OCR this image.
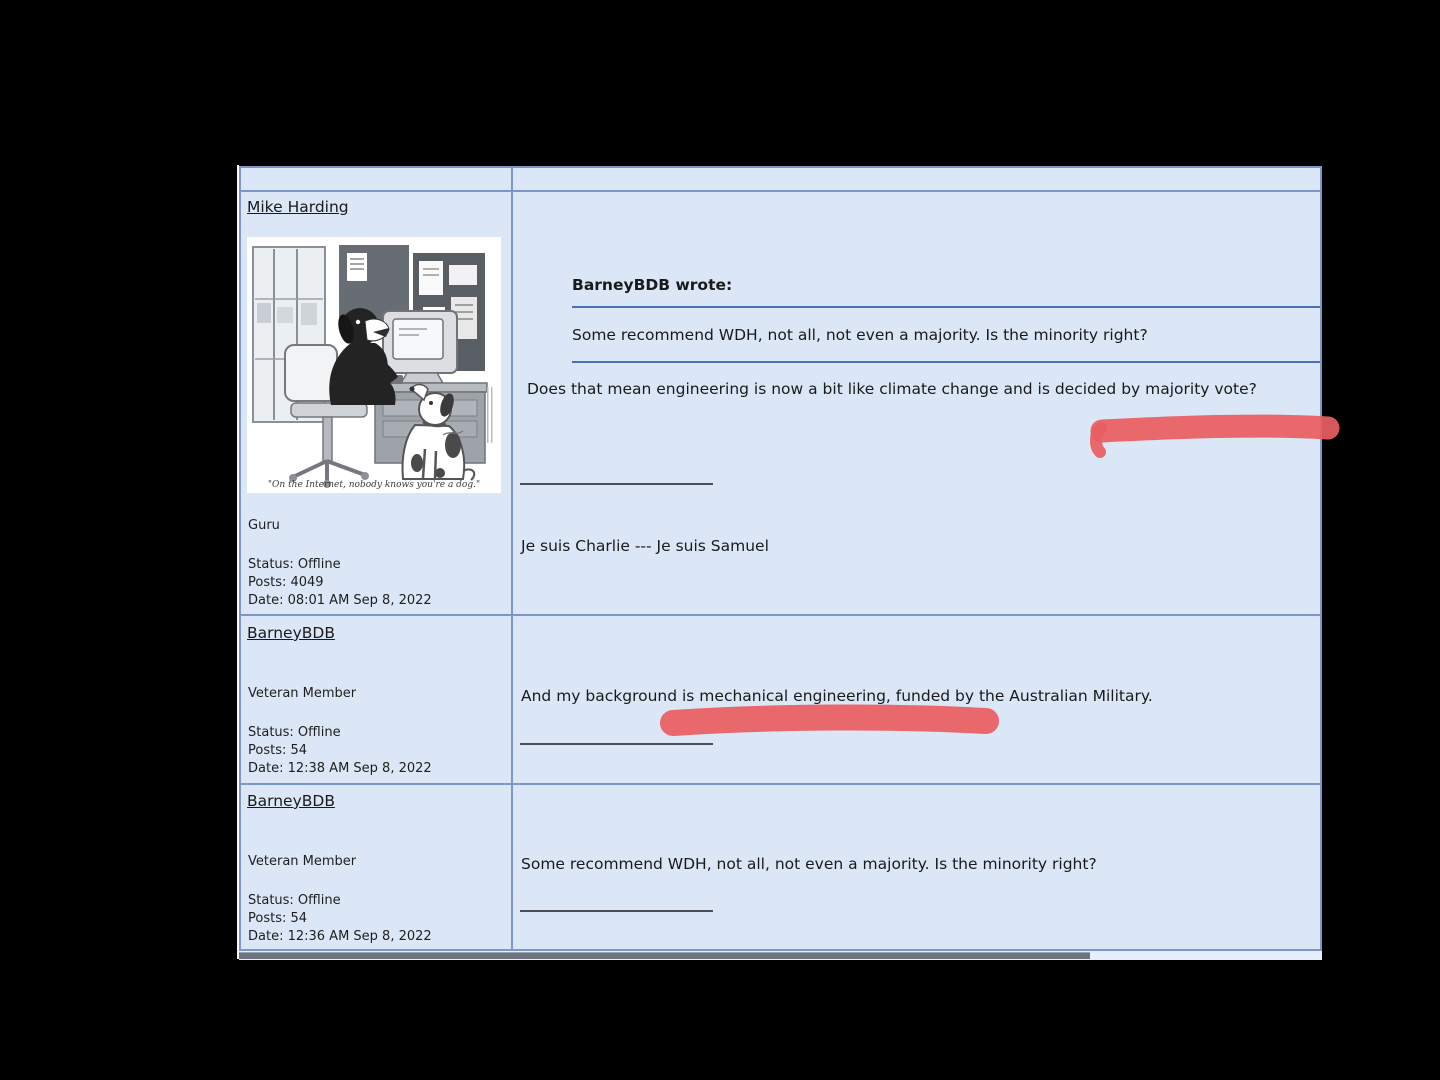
Mike Harding
"On the Internet, nobody knows you're a dog."
Guru
Status: Offline
Posts: 4049
Date: 08:01 AM Sep 8, 2022
BarneyBDB wrote:
Some recommend WDH, not all, not even a majority. Is the minority right?
Does that mean engineering is now a bit like climate change and is decided by majority vote?
Je suis Charlie --- Je suis Samuel
BarneyBDB
Veteran Member
Status: Offline
Posts: 54
Date: 12:38 AM Sep 8, 2022
And my background is mechanical engineering, funded by the Australian Military.
BarneyBDB
Veteran Member
Status: Offline
Posts: 54
Date: 12:36 AM Sep 8, 2022
Some recommend WDH, not all, not even a majority. Is the minority right?
